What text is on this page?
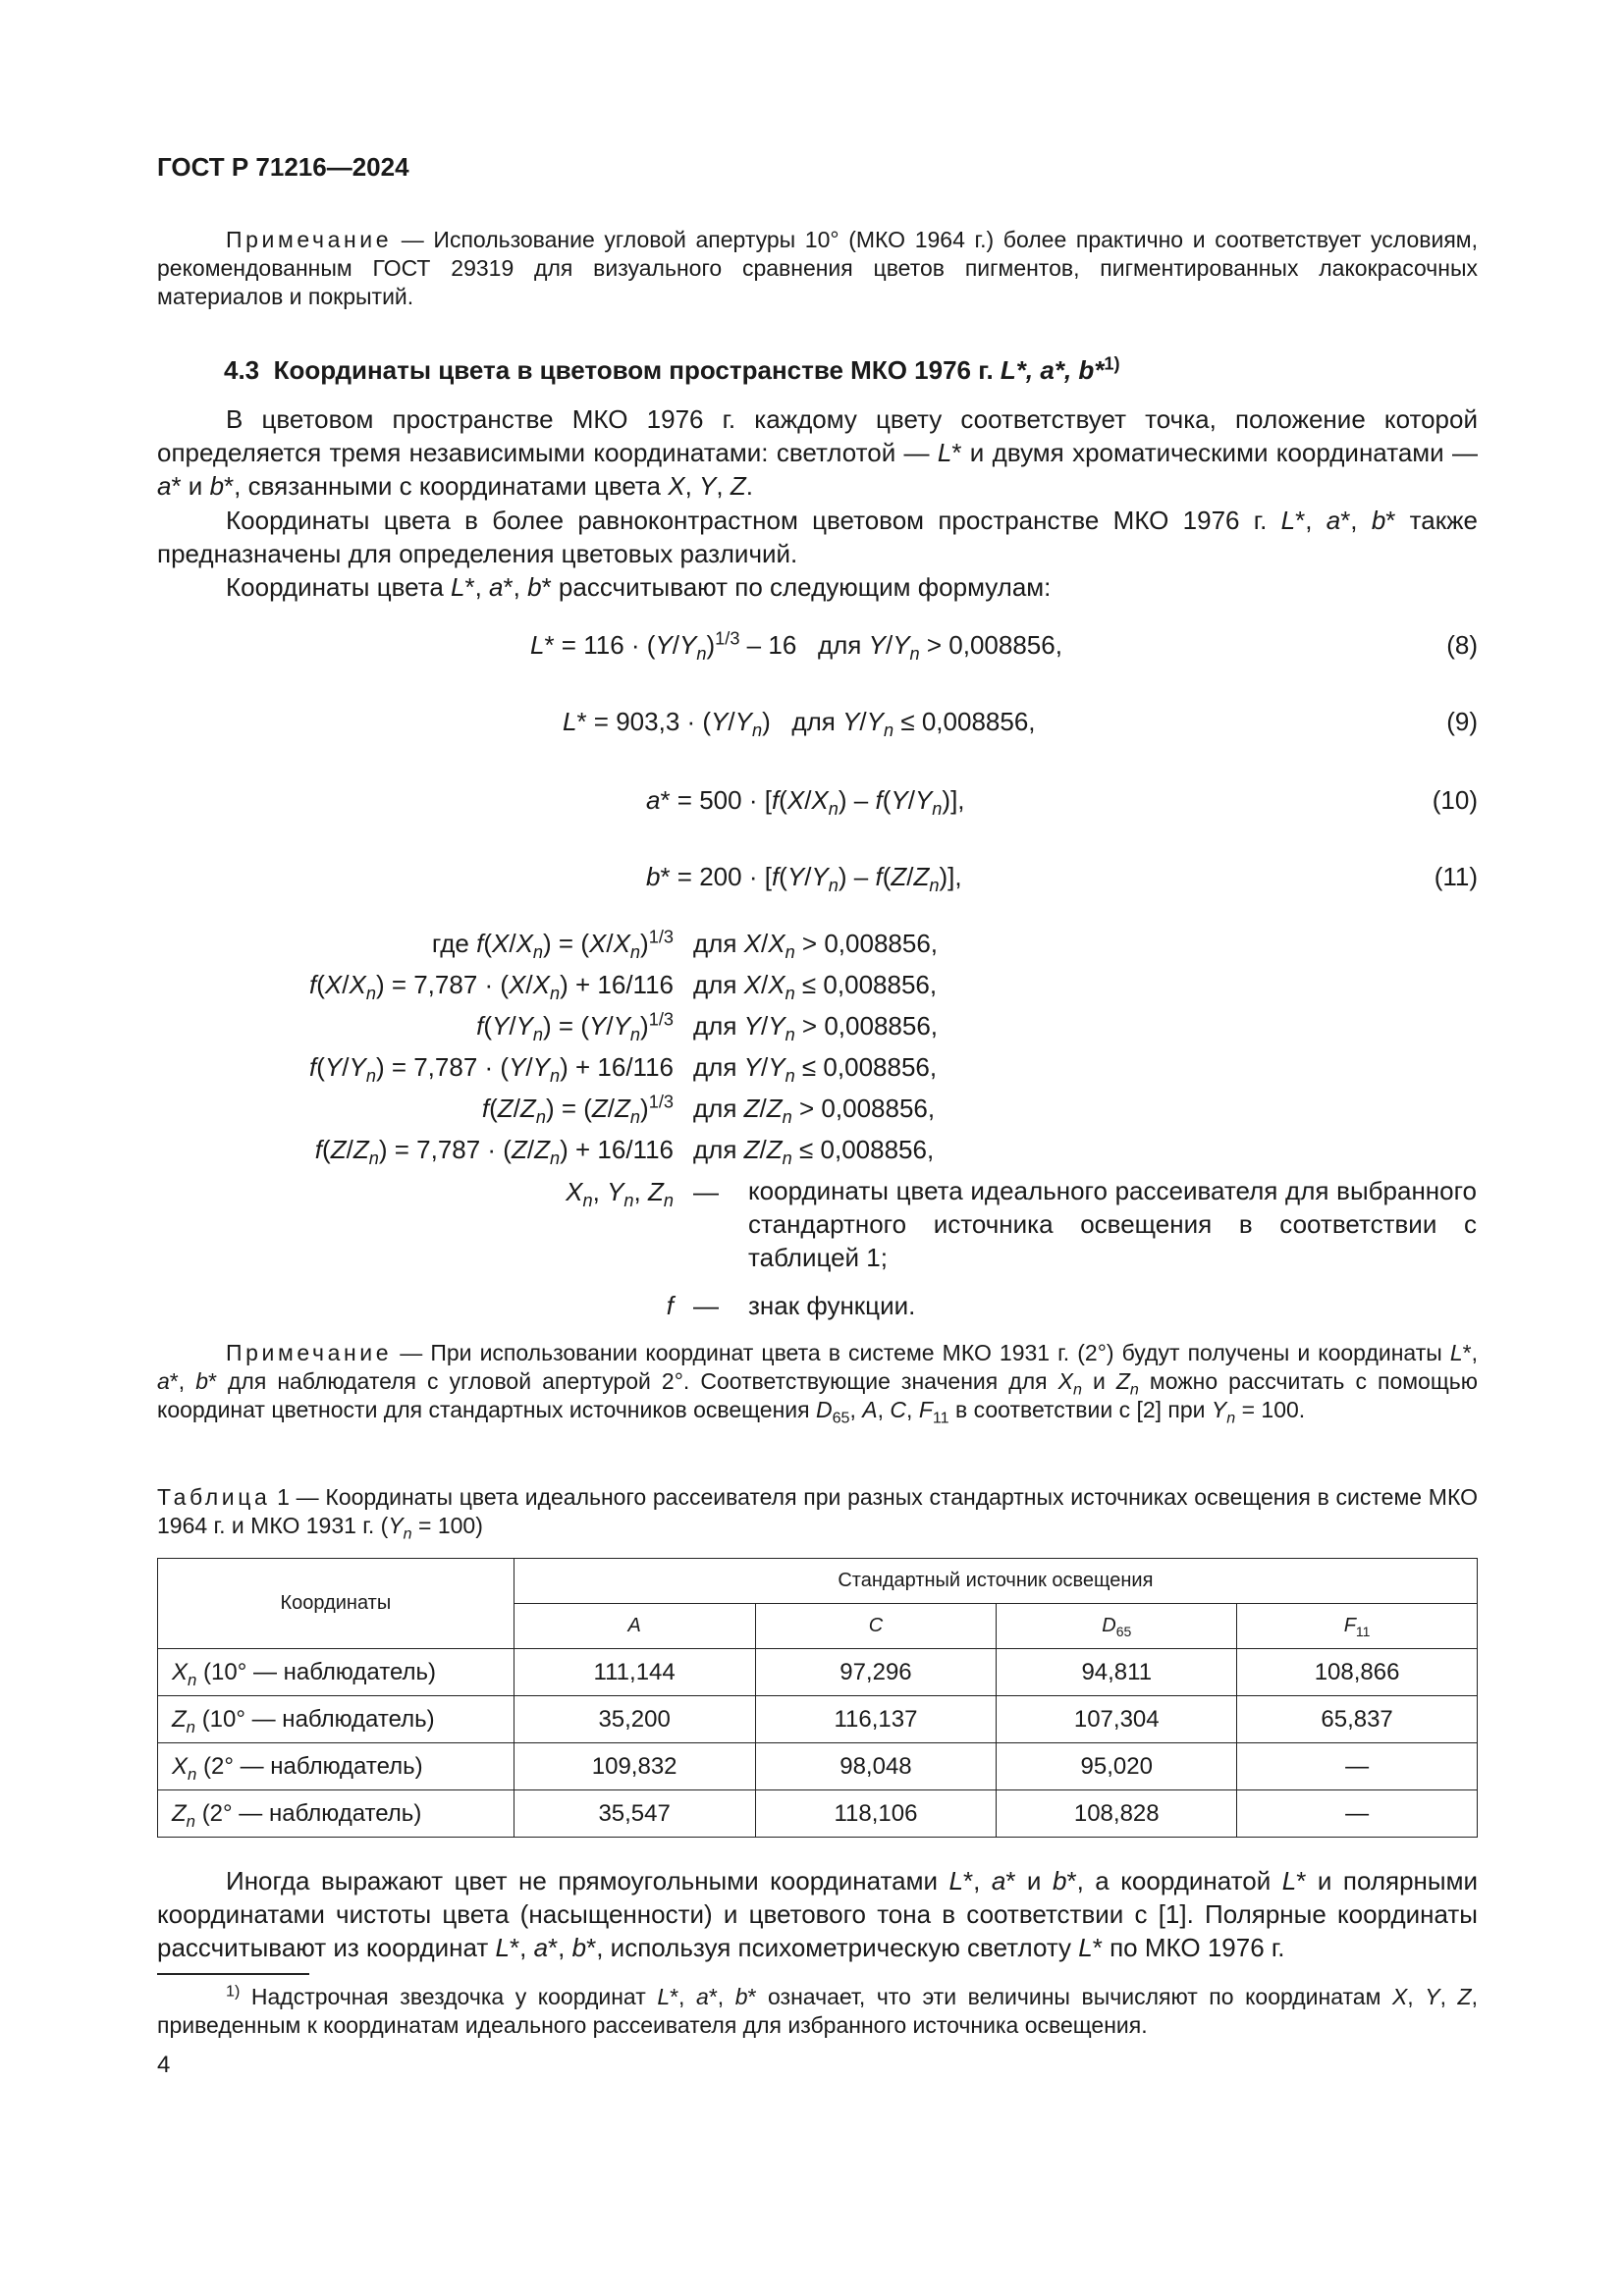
ГОСТ Р 71216—2024
Примечание — Использование угловой апертуры 10° (МКО 1964 г.) более практично и соответствует условиям, рекомендованным ГОСТ 29319 для визуального сравнения цветов пигментов, пигментированных лакокрасочных материалов и покрытий.
4.3 Координаты цвета в цветовом пространстве МКО 1976 г. L*, a*, b*$^{1)}$
В цветовом пространстве МКО 1976 г. каждому цвету соответствует точка, положение которой определяется тремя независимыми координатами: светлотой — L* и двумя хроматическими координатами — a* и b*, связанными с координатами цвета X, Y, Z.
Координаты цвета в более равноконтрастном цветовом пространстве МКО 1976 г. L*, a*, b* также предназначены для определения цветовых различий.
Координаты цвета L*, a*, b* рассчитывают по следующим формулам:
$L* = 116 \cdot (Y/Y_n)^{1/3} - 16$   для $Y/Y_n > 0,008856$,	(8)
$L* = 903,3 \cdot (Y/Y_n)$   для $Y/Y_n \le 0,008856$,	(9)
$a* = 500 \cdot [f(X/X_n) - f(Y/Y_n)]$,	(10)
$b* = 200 \cdot [f(Y/Y_n) - f(Z/Z_n)]$,	(11)
где $f(X/X_n) = (X/X_n)^{1/3}$ для $X/X_n > 0,008856$,
$f(X/X_n) = 7,787 \cdot (X/X_n) + 16/116$ для $X/X_n \le 0,008856$,
$f(Y/Y_n) = (Y/Y_n)^{1/3}$ для $Y/Y_n > 0,008856$,
$f(Y/Y_n) = 7,787 \cdot (Y/Y_n) + 16/116$ для $Y/Y_n \le 0,008856$,
$f(Z/Z_n) = (Z/Z_n)^{1/3}$ для $Z/Z_n > 0,008856$,
$f(Z/Z_n) = 7,787 \cdot (Z/Z_n) + 16/116$ для $Z/Z_n \le 0,008856$,
$X_n$, $Y_n$, $Z_n$ — координаты цвета идеального рассеивателя для выбранного стандартного источника освещения в соответствии с таблицей 1;
f — знак функции.
Примечание — При использовании координат цвета в системе МКО 1931 г. (2°) будут получены и координаты L*, a*, b* для наблюдателя с угловой апертурой 2°. Соответствующие значения для $X_n$ и $Z_n$ можно рассчитать с помощью координат цветности для стандартных источников освещения $D_{65}$, A, C, $F_{11}$ в соответствии с [2] при $Y_n = 100$.
Таблица 1 — Координаты цвета идеального рассеивателя при разных стандартных источниках освещения в системе МКО 1964 г. и МКО 1931 г. $(Y_n = 100)$
Координаты	Стандартный источник освещения			
	A	C	$D_{65}$	$F_{11}$
$X_n$ (10° — наблюдатель)	111,144	97,296	94,811	108,866
$Z_n$ (10° — наблюдатель)	35,200	116,137	107,304	65,837
$X_n$ (2° — наблюдатель)	109,832	98,048	95,020	—
$Z_n$ (2° — наблюдатель)	35,547	118,106	108,828	—
Иногда выражают цвет не прямоугольными координатами L*, a* и b*, а координатой L* и полярными координатами чистоты цвета (насыщенности) и цветового тона в соответствии с [1]. Полярные координаты рассчитывают из координат L*, a*, b*, используя психометрическую светлоту L* по МКО 1976 г.
$^{1)}$ Надстрочная звездочка у координат L*, a*, b* означает, что эти величины вычисляют по координатам X, Y, Z, приведенным к координатам идеального рассеивателя для избранного источника освещения.
4
